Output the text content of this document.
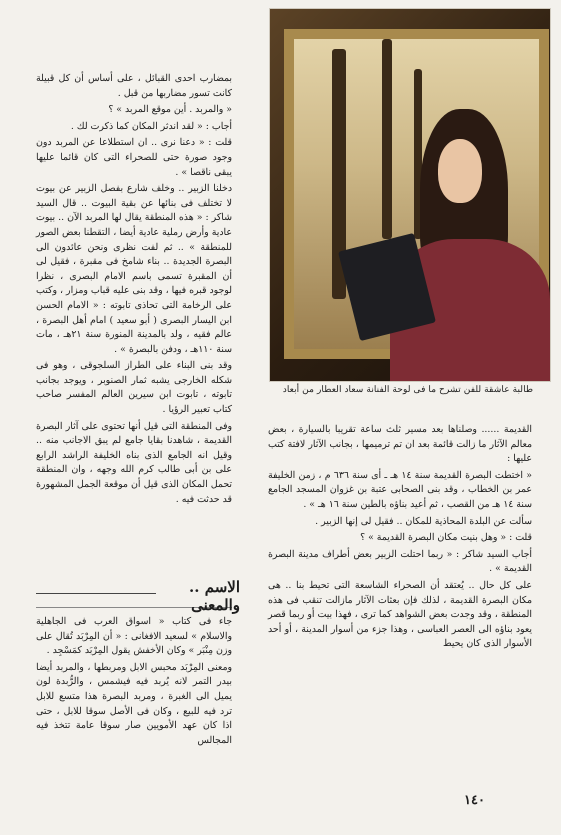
بمضارب احدى القبائل ، على أساس أن كل قبيلة كانت تسور مضاربها من قبل .

« والمربد . أين موقع المربد » ؟

أجاب : « لقد اندثر المكان كما ذكرت لك .

قلت : « دعنا نرى .. ان استطلاعا عن المربد دون وجود صورة حتى للصحراء التى كان قائما عليها يبقى ناقصا » .

دخلنا الزبير .. وخلف شارع بفصل الزبير عن بيوت لا تختلف فى بنائها عن بقية البيوت .. قال السيد شاكر : « هذه المنطقة يقال لها المربد الآن .. بيوت عادية وأرض رملية عادية أيضا ، التقطنا بعض الصور للمنطقة » .. ثم لفت نظرى ونحن عائدون الى البصرة الجديدة .. بناء شامخ فى مقبرة ، فقيل لى أن المقبرة تسمى باسم الامام البصرى ، نظرا لوجود قبره فيها ، وقد بنى عليه قباب ومزار ، وكتب على الرخامة التى تحاذى تابوته : « الامام الحسن ابن اليسار البصرى ( أبو سعيد ) امام أهل البصرة ، عالم فقيه ، ولد بالمدينة المنورة سنة ٢١هـ ، مات سنة ١١٠هـ ، ودفن بالبصرة » .

وقد بنى البناء على الطراز السلجوقى ، وهو فى شكله الخارجى يشبه ثمار الصنوبر ، ويوجد بجانب تابوته ، تابوت ابن سيرين العالم المفسر صاحب كتاب تعبير الرؤيا .

وفى المنطقة التى قيل أنها تحتوى على آثار البصرة القديمة ، شاهدنا بقايا جامع لم يبق الاجانب منه .. وقيل انه الجامع الذى بناه الخليفة الراشد الرابع على بن أبى طالب كرم الله وجهه ، وان المنطقة تحمل المكان الذى قيل أن موقعة الجمل المشهورة قد حدثت فيه .

الاسم .. والمعنى

جاء فى كتاب « اسواق العرب فى الجاهلية والاسلام » لسعيد الافغانى : « أن المِرْبَد تُقال على وزن مِنْبَر » وكان الأخفش يقول المِرْبَد كمَسْجِد .

ومعنى المِرْبَد محبس الابل ومربطها ، والمربد أيضا بيدر التمر لانه يُربد فيه فيشمس ، والرُّبدة لون يميل الى الغبرة ، ومربد البصرة هذا متسع للابل ترد فيه للبيع ، وكان فى الأصل سوقا للابل ، حتى اذا كان عهد الأمويين صار سوقا عامة تتخذ فيه المجالس

طالبة عاشقة للفن تشرح ما فى لوحة الفنانة سعاد العطار من أبعاد

القديمة ...... وصلناها بعد مسير ثلث ساعة تقريبا بالسيارة ، بعض معالم الآثار ما زالت قائمة بعد ان تم ترميمها ، بجانب الآثار لافتة كتب عليها :

« اختطت البصرة القديمة سنة ١٤ هـ ـ أى سنة ٦٣٦ م ، زمن الخليفة عمر بن الخطاب ، وقد بنى الصحابى عتبة بن غزوان المسجد الجامع سنة ١٤ هـ من القصب ، ثم أعيد بناؤه بالطين سنة ١٦ هـ » .

سألت عن البلدة المحاذية للمكان .. فقيل لى إنها الزبير .

قلت : « وهل بنيت مكان البصرة القديمة » ؟

أجاب السيد شاكر : « ربما احتلت الزبير بعض أطراف مدينة البصرة القديمة » .

على كل حال .. يُعتقد أن الصحراء الشاسعة التى تحيط بنا .. هى مكان البصرة القديمة ، لذلك فإن بعثات الآثار مازالت تنقب فى هذه المنطقة ، وقد وجدت بعض الشواهد كما ترى ، فهذا بيت أو ربما قصر يعود بناؤه الى العصر العباسى ، وهذا جزء من أسوار المدينة ، أو أحد الأسوار الذى كان يحيط

١٤٠
